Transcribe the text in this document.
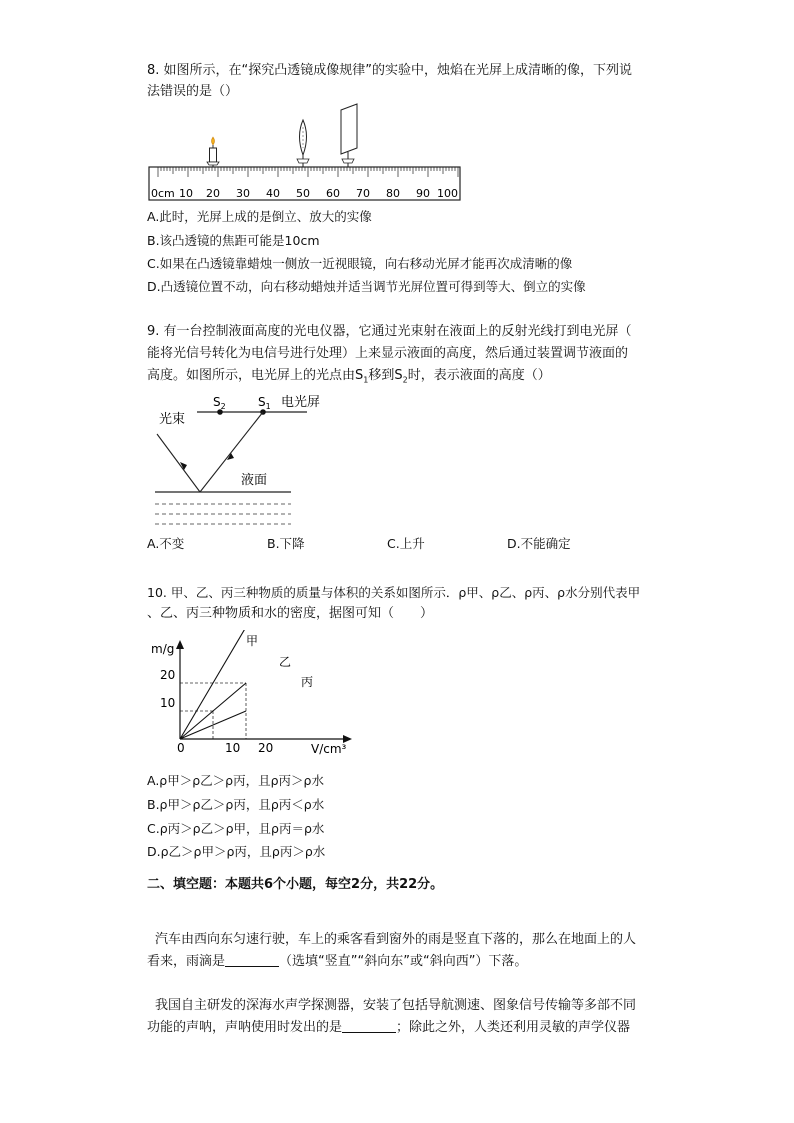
8. 如图所示，在“探究凸透镜成像规律”的实验中，烛焰在光屏上成清晰的像，下列说
法错误的是（）
0cm 10 20 30 40 50 60 70 80 90 100
A.此时，光屏上成的是倒立、放大的实像
B.该凸透镜的焦距可能是10cm
C.如果在凸透镜靠蜡烛一侧放一近视眼镜，向右移动光屏才能再次成清晰的像
D.凸透镜位置不动，向右移动蜡烛并适当调节光屏位置可得到等大、倒立的实像
9. 有一台控制液面高度的光电仪器，它通过光束射在液面上的反射光线打到电光屏（
能将光信号转化为电信号进行处理）上来显示液面的高度，然后通过装置调节液面的
高度。如图所示，电光屏上的光点由$S_1$移到$S_2$时，表示液面的高度（）
$S_2$	$S_1$ 电光屏
光束
液面
A.不变	B.下降	C.上升	D.不能确定
10. 甲、乙、丙三种物质的质量与体积的关系如图所示．ρ甲、ρ乙、ρ丙、ρ水分别代表甲
、乙、丙三种物质和水的密度，据图可知（　　）
m/g
V/cm³
0	10 20
10
20
甲
乙
丙
A.ρ甲＞ρ乙＞ρ丙，且ρ丙＞ρ水
B.ρ甲＞ρ乙＞ρ丙，且ρ丙＜ρ水
C.ρ丙＞ρ乙＞ρ甲，且ρ丙＝ρ水
D.ρ乙＞ρ甲＞ρ丙，且ρ丙＞ρ水
二、填空题：本题共6个小题，每空2分，共22分。
汽车由西向东匀速行驶，车上的乘客看到窗外的雨是竖直下落的，那么在地面上的人
看来，雨滴是	（选填“竖直”“斜向东”或“斜向西”）下落。
我国自主研发的深海水声学探测器，安装了包括导航测速、图象信号传输等多部不同
功能的声呐，声呐使用时发出的是	；除此之外，人类还利用灵敏的声学仪器
